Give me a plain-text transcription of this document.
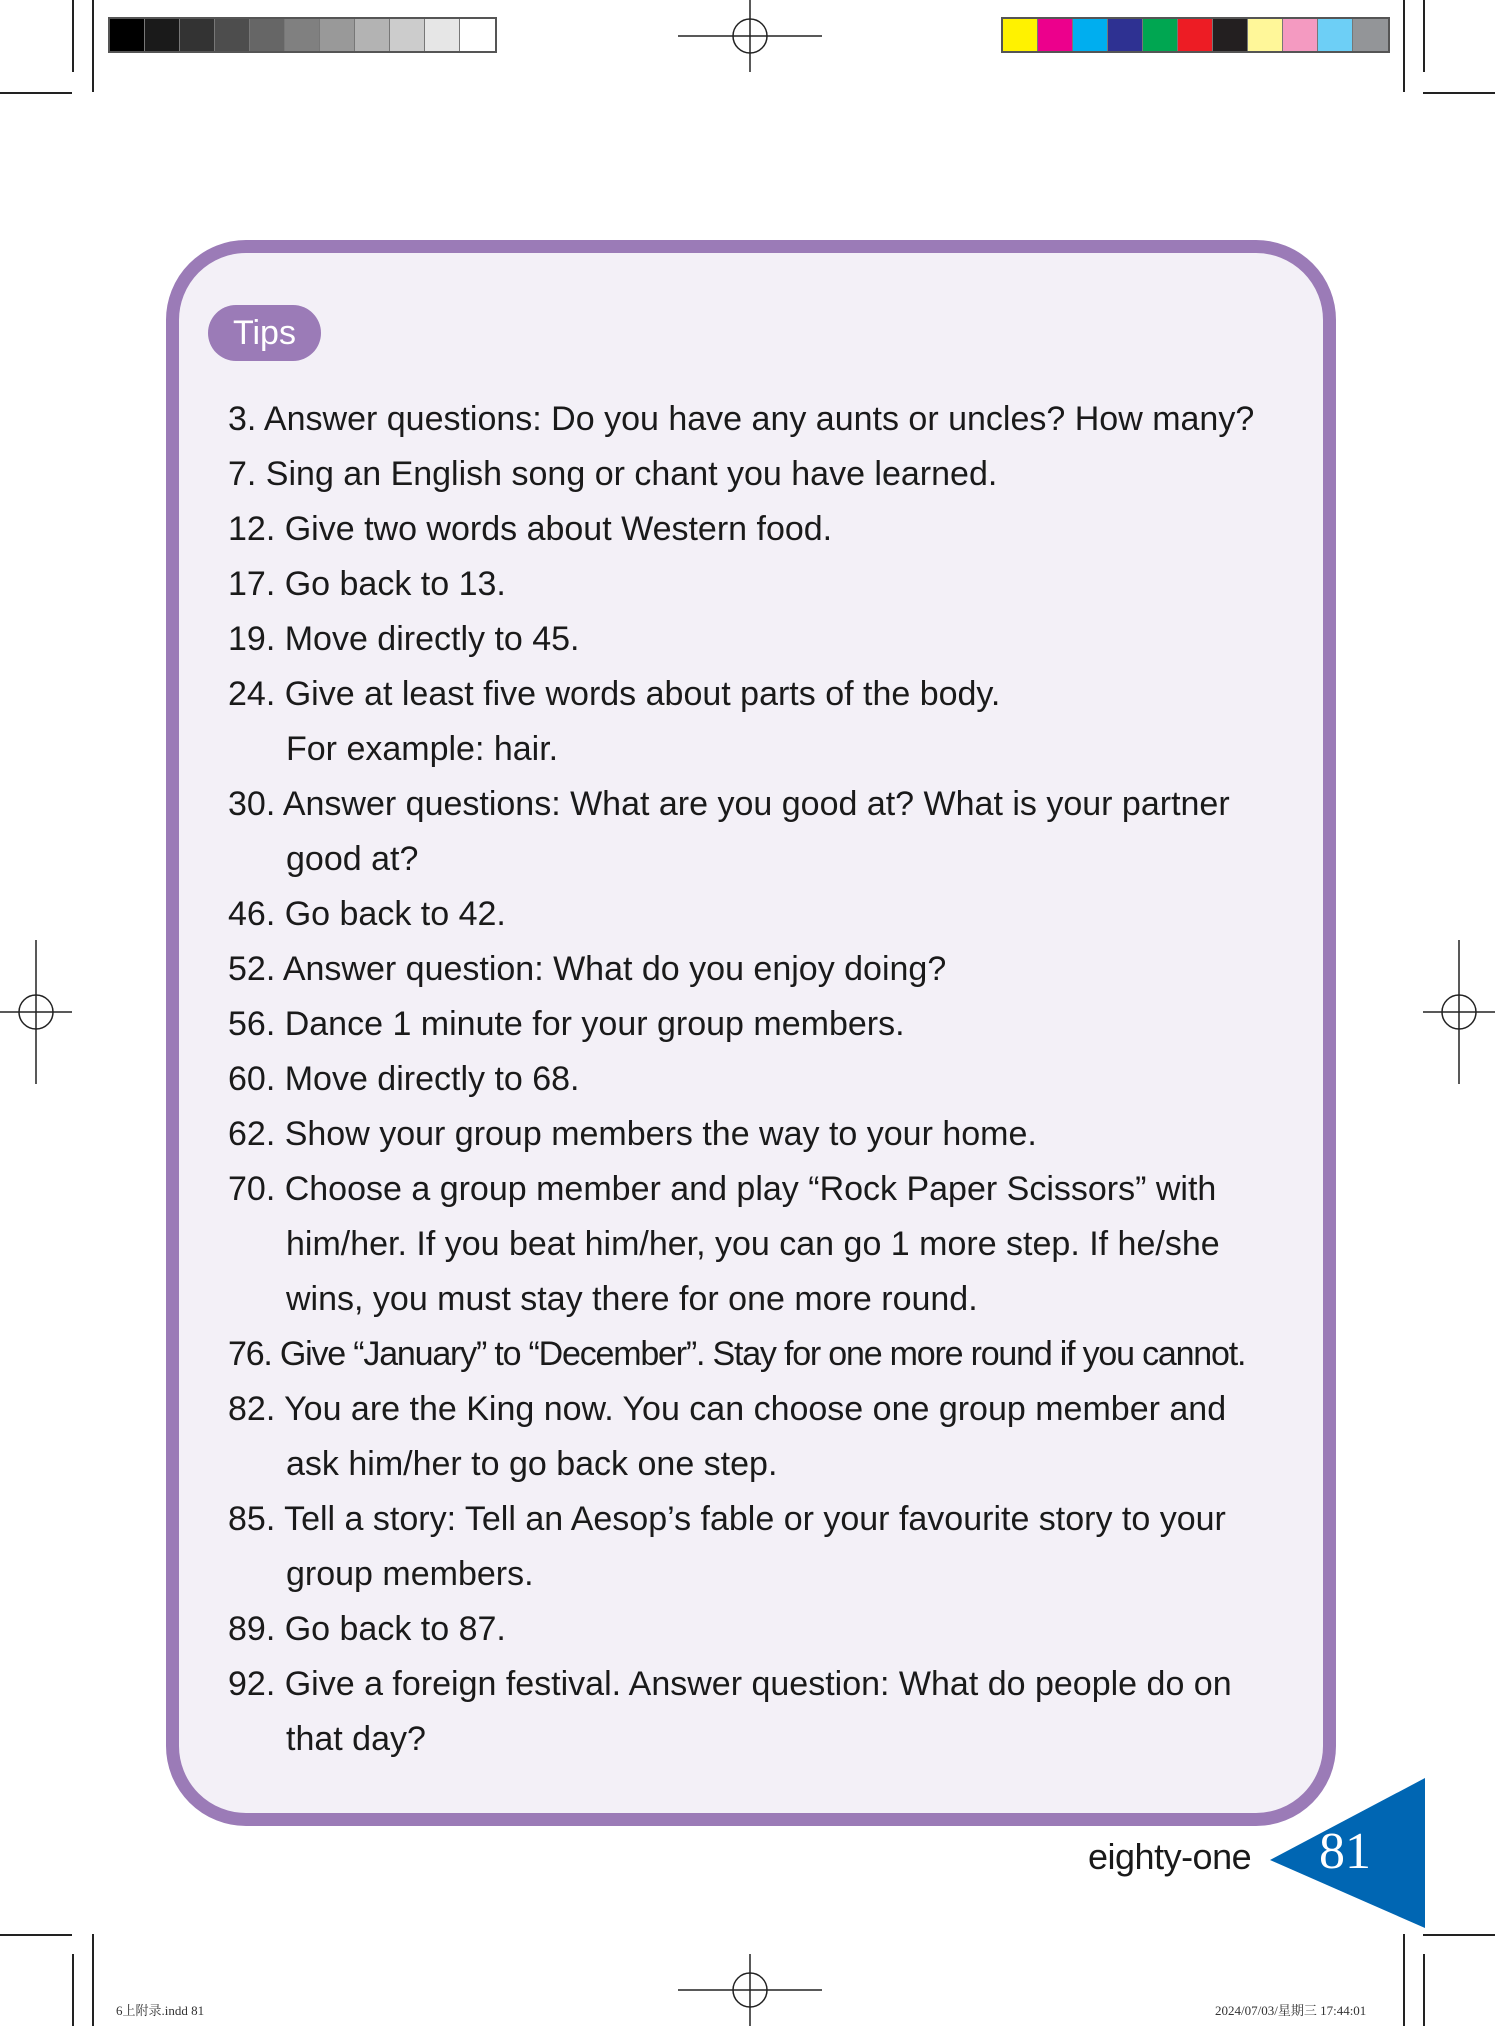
Tips
3. Answer questions: Do you have any aunts or uncles? How many?
7. Sing an English song or chant you have learned.
12. Give two words about Western food.
17. Go back to 13.
19. Move directly to 45.
24. Give at least five words about parts of the body.
For example: hair.
30. Answer questions: What are you good at? What is your partner
good at?
46. Go back to 42.
52. Answer question: What do you enjoy doing?
56. Dance 1 minute for your group members.
60. Move directly to 68.
62. Show your group members the way to your home.
70. Choose a group member and play “Rock Paper Scissors” with
him/her. If you beat him/her, you can go 1 more step. If he/she
wins, you must stay there for one more round.
76. Give “January” to “December”. Stay for one more round if you cannot.
82. You are the King now. You can choose one group member and
ask him/her to go back one step.
85. Tell a story: Tell an Aesop’s fable or your favourite story to your
group members.
89. Go back to 87.
92. Give a foreign festival. Answer question: What do people do on
that day?
eighty-one 81
6上附录.indd 81	2024/07/03/星期三 17:44:01
